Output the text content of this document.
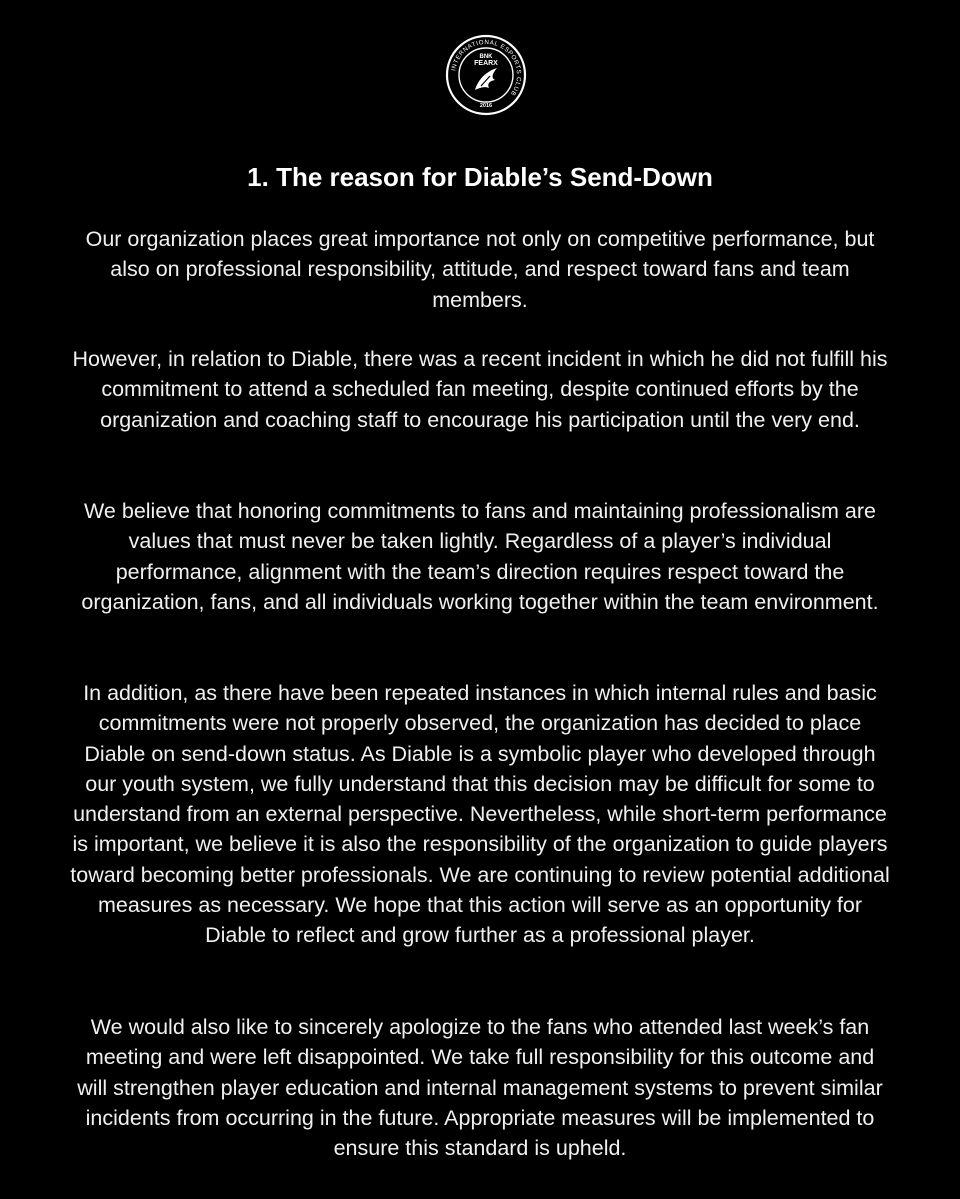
INTERNATIONAL ESPORTS CLUB
BNK
FEARX
2016
1. The reason for Diable’s Send-Down

Our organization places great importance not only on competitive performance, but also on professional responsibility, attitude, and respect toward fans and team members.

However, in relation to Diable, there was a recent incident in which he did not fulfill his commitment to attend a scheduled fan meeting, despite continued efforts by the organization and coaching staff to encourage his participation until the very end.

We believe that honoring commitments to fans and maintaining professionalism are values that must never be taken lightly. Regardless of a player’s individual performance, alignment with the team’s direction requires respect toward the organization, fans, and all individuals working together within the team environment.

In addition, as there have been repeated instances in which internal rules and basic commitments were not properly observed, the organization has decided to place Diable on send-down status. As Diable is a symbolic player who developed through our youth system, we fully understand that this decision may be difficult for some to understand from an external perspective. Nevertheless, while short-term performance is important, we believe it is also the responsibility of the organization to guide players toward becoming better professionals. We are continuing to review potential additional measures as necessary. We hope that this action will serve as an opportunity for Diable to reflect and grow further as a professional player.

We would also like to sincerely apologize to the fans who attended last week’s fan meeting and were left disappointed. We take full responsibility for this outcome and will strengthen player education and internal management systems to prevent similar incidents from occurring in the future. Appropriate measures will be implemented to ensure this standard is upheld.
